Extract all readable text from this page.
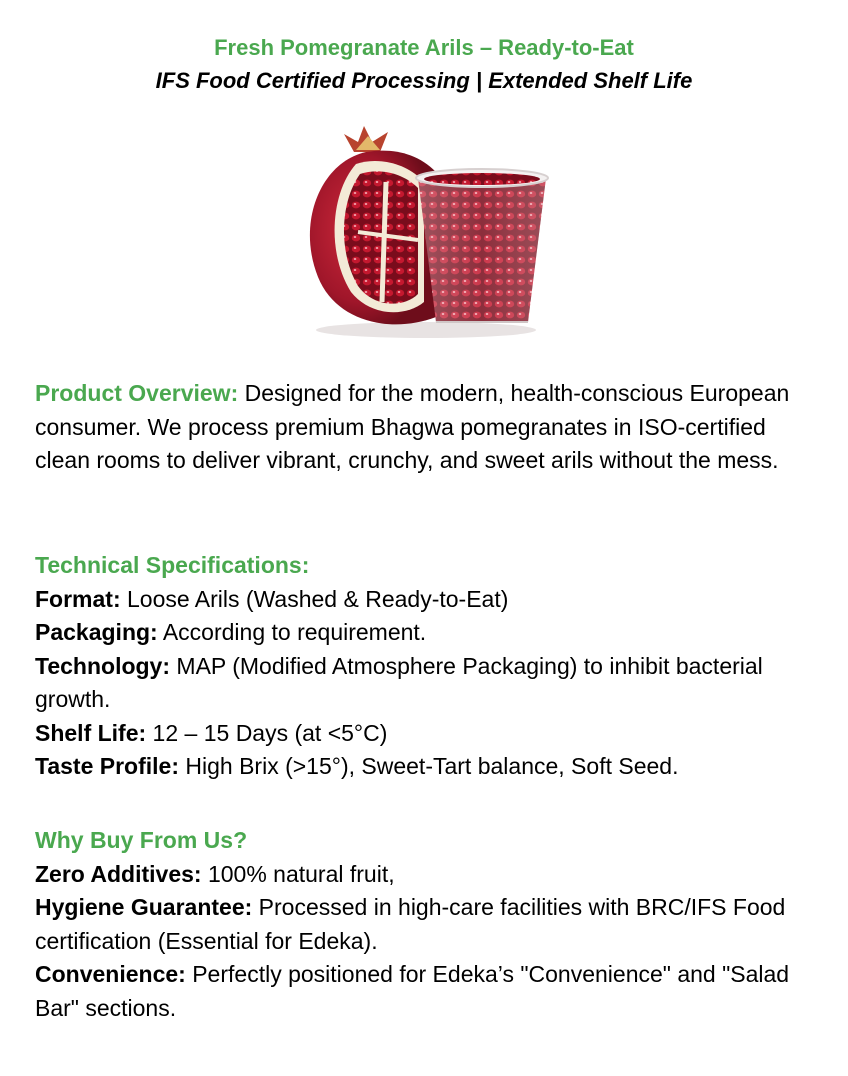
Fresh Pomegranate Arils – Ready-to-Eat
IFS Food Certified Processing | Extended Shelf Life

Product Overview: Designed for the modern, health-conscious European consumer. We process premium Bhagwa pomegranates in ISO-certified clean rooms to deliver vibrant, crunchy, and sweet arils without the mess.

Technical Specifications:

Format: Loose Arils (Washed & Ready-to-Eat)

Packaging: According to requirement.

Technology: MAP (Modified Atmosphere Packaging) to inhibit bacterial growth.

Shelf Life: 12 – 15 Days (at <5°C)

Taste Profile: High Brix (>15°), Sweet-Tart balance, Soft Seed.

Why Buy From Us?

Zero Additives: 100% natural fruit,

Hygiene Guarantee: Processed in high-care facilities with BRC/IFS Food certification (Essential for Edeka).

Convenience: Perfectly positioned for Edeka’s "Convenience" and "Salad Bar" sections.
